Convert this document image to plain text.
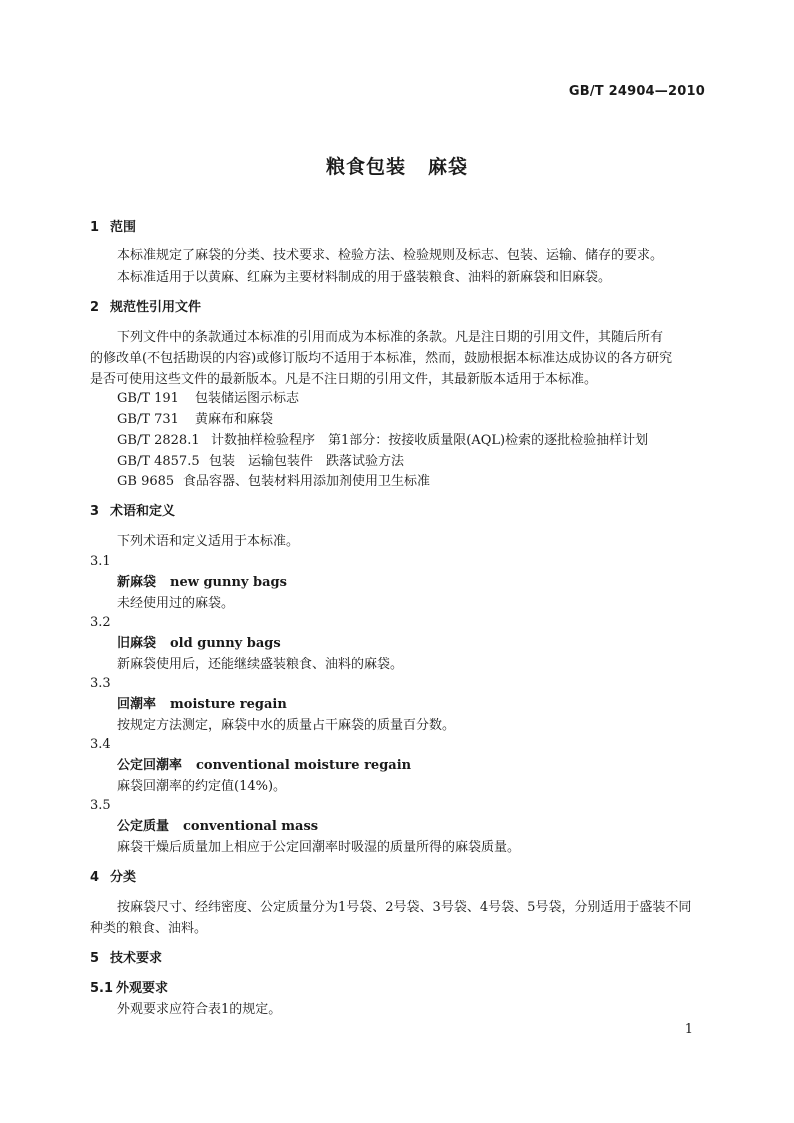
GB/T 24904—2010
粮食包装 麻袋
1 范围
本标准规定了麻袋的分类、技术要求、检验方法、检验规则及标志、包装、运输、储存的要求。
本标准适用于以黄麻、红麻为主要材料制成的用于盛装粮食、油料的新麻袋和旧麻袋。
2 规范性引用文件
下列文件中的条款通过本标准的引用而成为本标准的条款。凡是注日期的引用文件，其随后所有
的修改单(不包括勘误的内容)或修订版均不适用于本标准，然而，鼓励根据本标准达成协议的各方研究
是否可使用这些文件的最新版本。凡是不注日期的引用文件，其最新版本适用于本标准。
GB/T 191 包装储运图示标志
GB/T 731 黄麻布和麻袋
GB/T 2828.1 计数抽样检验程序　第1部分：按接收质量限(AQL)检索的逐批检验抽样计划
GB/T 4857.5 包装　运输包装件　跌落试验方法
GB 9685 食品容器、包装材料用添加剂使用卫生标准
3 术语和定义
下列术语和定义适用于本标准。
3.1
新麻袋 new gunny bags
未经使用过的麻袋。
3.2
旧麻袋 old gunny bags
新麻袋使用后，还能继续盛装粮食、油料的麻袋。
3.3
回潮率 moisture regain
按规定方法测定，麻袋中水的质量占干麻袋的质量百分数。
3.4
公定回潮率 conventional moisture regain
麻袋回潮率的约定值(14%)。
3.5
公定质量 conventional mass
麻袋干燥后质量加上相应于公定回潮率时吸湿的质量所得的麻袋质量。
4 分类
按麻袋尺寸、经纬密度、公定质量分为1号袋、2号袋、3号袋、4号袋、5号袋，分别适用于盛装不同
种类的粮食、油料。
5 技术要求
5.1 外观要求
外观要求应符合表1的规定。
1
